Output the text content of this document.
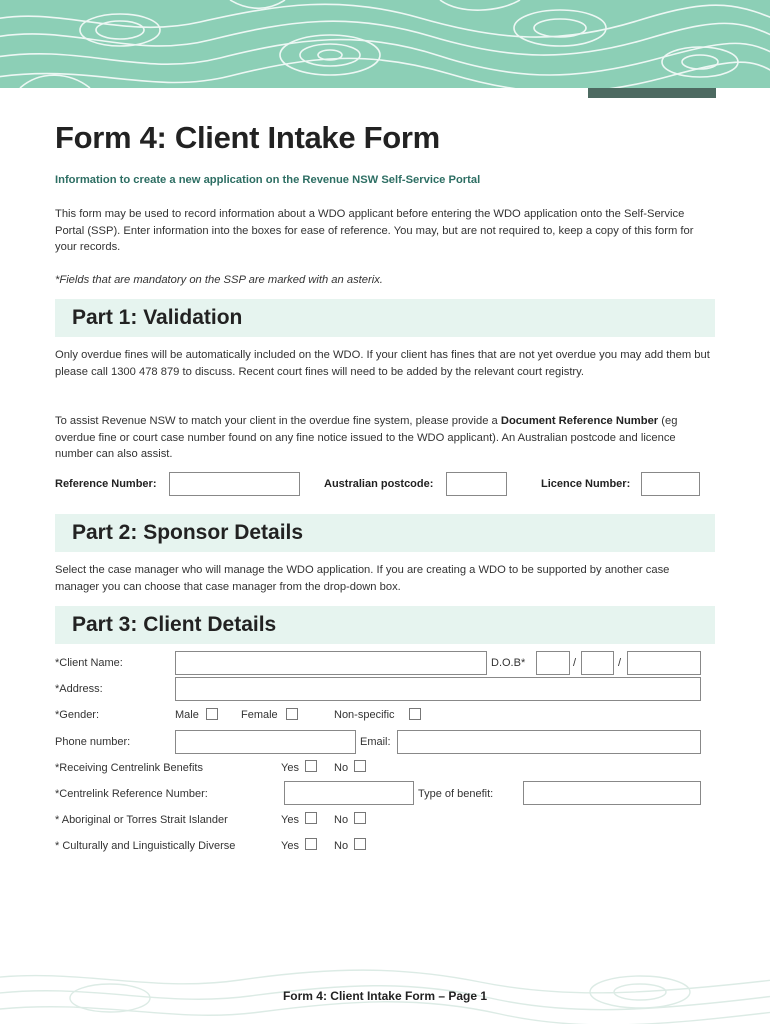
Form 4: Client Intake Form
Information to create a new application on the Revenue NSW Self-Service Portal

This form may be used to record information about a WDO applicant before entering the WDO application onto the Self-Service Portal (SSP). Enter information into the boxes for ease of reference. You may, but are not required to, keep a copy of this form for your records.

*Fields that are mandatory on the SSP are marked with an asterix.

Part 1: Validation

Only overdue fines will be automatically included on the WDO. If your client has fines that are not yet overdue you may add them but please call 1300 478 879 to discuss. Recent court fines will need to be added by the relevant court registry.

To assist Revenue NSW to match your client in the overdue fine system, please provide a Document Reference Number (eg overdue fine or court case number found on any fine notice issued to the WDO applicant). An Australian postcode and licence number can also assist.

Reference Number:	Australian postcode:	Licence Number:
Part 2: Sponsor Details

Select the case manager who will manage the WDO application. If you are creating a WDO to be supported by another case manager you can choose that case manager from the drop-down box.

Part 3: Client Details
*Client Name:	D.O.B*	/	/
*Address:
*Gender:	Male	Female	Non-specific
Phone number:	Email:
*Receiving Centrelink Benefits	Yes	No
*Centrelink Reference Number:	Type of benefit:
* Aboriginal or Torres Strait Islander	Yes	No
* Culturally and Linguistically Diverse	Yes	No
Form 4: Client Intake Form – Page 1
